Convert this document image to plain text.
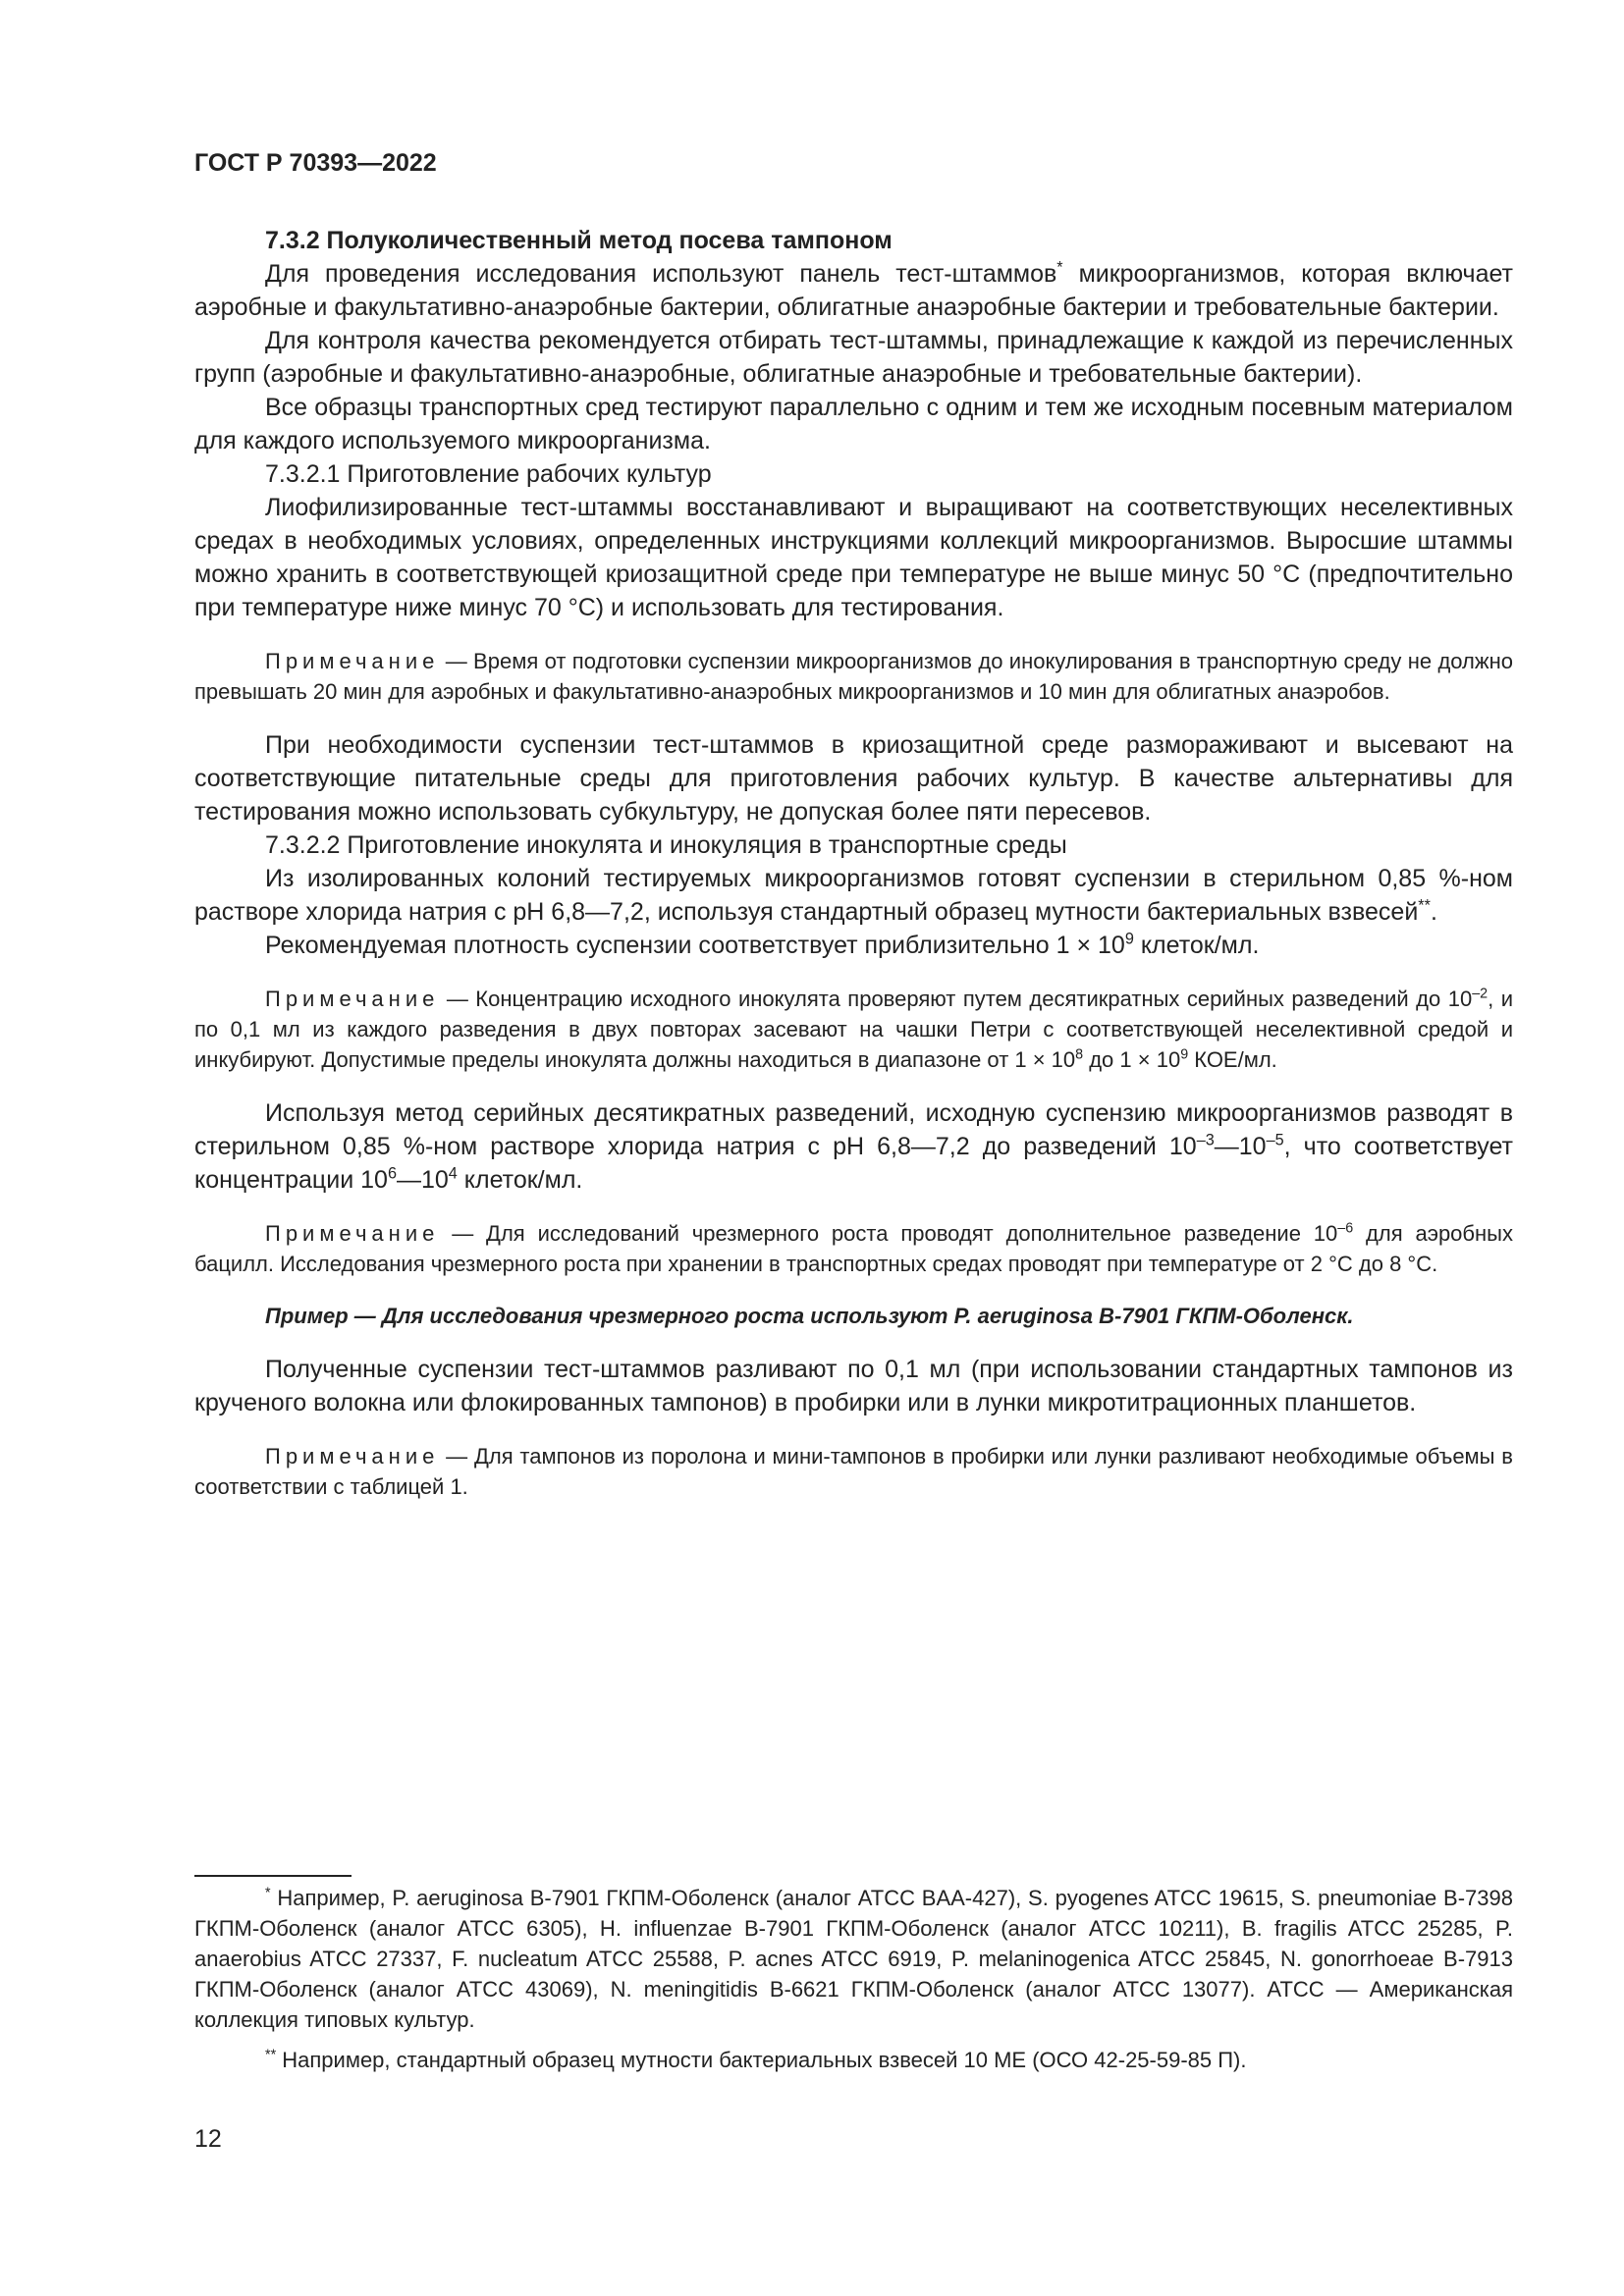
ГОСТ Р 70393—2022

7.3.2 Полуколичественный метод посева тампоном

Для проведения исследования используют панель тест-штаммов* микроорганизмов, которая включает аэробные и факультативно-анаэробные бактерии, облигатные анаэробные бактерии и требовательные бактерии.

Для контроля качества рекомендуется отбирать тест-штаммы, принадлежащие к каждой из перечисленных групп (аэробные и факультативно-анаэробные, облигатные анаэробные и требовательные бактерии).

Все образцы транспортных сред тестируют параллельно с одним и тем же исходным посевным материалом для каждого используемого микроорганизма.

7.3.2.1 Приготовление рабочих культур

Лиофилизированные тест-штаммы восстанавливают и выращивают на соответствующих неселективных средах в необходимых условиях, определенных инструкциями коллекций микроорганизмов. Выросшие штаммы можно хранить в соответствующей криозащитной среде при температуре не выше минус 50 °С (предпочтительно при температуре ниже минус 70 °С) и использовать для тестирования.

Примечание — Время от подготовки суспензии микроорганизмов до инокулирования в транспортную среду не должно превышать 20 мин для аэробных и факультативно-анаэробных микроорганизмов и 10 мин для облигатных анаэробов.

При необходимости суспензии тест-штаммов в криозащитной среде размораживают и высевают на соответствующие питательные среды для приготовления рабочих культур. В качестве альтернативы для тестирования можно использовать субкультуру, не допуская более пяти пересевов.

7.3.2.2 Приготовление инокулята и инокуляция в транспортные среды

Из изолированных колоний тестируемых микроорганизмов готовят суспензии в стерильном 0,85 %-ном растворе хлорида натрия с рН 6,8—7,2, используя стандартный образец мутности бактериальных взвесей**.

Рекомендуемая плотность суспензии соответствует приблизительно $1 \times 10^9$ клеток/мл.

Примечание — Концентрацию исходного инокулята проверяют путем десятикратных серийных разведений до $10^{-2}$, и по 0,1 мл из каждого разведения в двух повторах засевают на чашки Петри с соответствующей неселективной средой и инкубируют. Допустимые пределы инокулята должны находиться в диапазоне от $1 \times 10^8$ до $1 \times 10^9$ КОЕ/мл.

Используя метод серийных десятикратных разведений, исходную суспензию микроорганизмов разводят в стерильном 0,85 %-ном растворе хлорида натрия с рН 6,8—7,2 до разведений $10^{-3}—10^{-5}$, что соответствует концентрации $10^6—10^4$ клеток/мл.

Примечание — Для исследований чрезмерного роста проводят дополнительное разведение $10^{-6}$ для аэробных бацилл. Исследования чрезмерного роста при хранении в транспортных средах проводят при температуре от 2 °С до 8 °С.

Пример — Для исследования чрезмерного роста используют P. aeruginosa B-7901 ГКПМ-Оболенск.

Полученные суспензии тест-штаммов разливают по 0,1 мл (при использовании стандартных тампонов из крученого волокна или флокированных тампонов) в пробирки или в лунки микротитрационных планшетов.

Примечание — Для тампонов из поролона и мини-тампонов в пробирки или лунки разливают необходимые объемы в соответствии с таблицей 1.

* Например, P. aeruginosa B-7901 ГКПМ-Оболенск (аналог ATCC BAA-427), S. pyogenes ATCC 19615, S. pneumoniae B-7398 ГКПМ-Оболенск (аналог ATCC 6305), H. influenzae B-7901 ГКПМ-Оболенск (аналог ATCC 10211), B. fragilis ATCC 25285, P. anaerobius ATCC 27337, F. nucleatum ATCC 25588, P. acnes ATCC 6919, P. melaninogenica ATCC 25845, N. gonorrhoeae B-7913 ГКПМ-Оболенск (аналог ATCC 43069), N. meningitidis B-6621 ГКПМ-Оболенск (аналог ATCC 13077). ATCC — Американская коллекция типовых культур.

** Например, стандартный образец мутности бактериальных взвесей 10 МЕ (ОСО 42-25-59-85 П).

12
